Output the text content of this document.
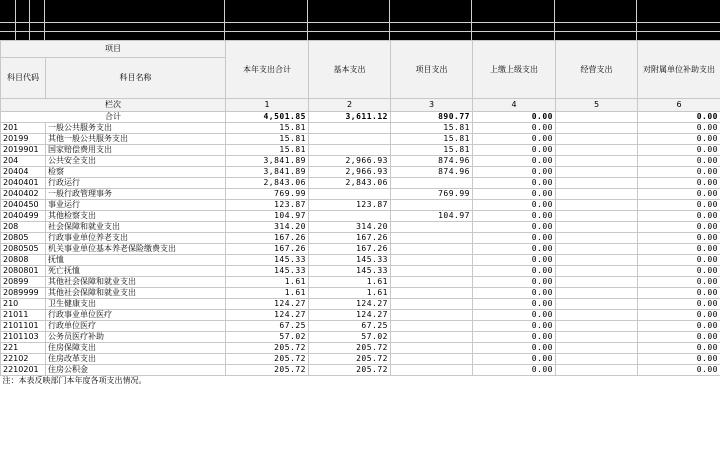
项目		本年支出合计	基本支出	项目支出	上缴上级支出	经营支出	对附属单位补助支出
科目代码	科目名称						
栏次		1	2	3	4	5	6
合计		4,501.85	3,611.12	890.77	0.00		0.00
201	一般公共服务支出	15.81		15.81	0.00		0.00
20199	其他一般公共服务支出	15.81		15.81	0.00		0.00
2019901	国家赔偿费用支出	15.81		15.81	0.00		0.00
204	公共安全支出	3,841.89	2,966.93	874.96	0.00		0.00
20404	检察	3,841.89	2,966.93	874.96	0.00		0.00
2040401	行政运行	2,843.06	2,843.06		0.00		0.00
2040402	一般行政管理事务	769.99		769.99	0.00		0.00
2040450	事业运行	123.87	123.87		0.00		0.00
2040499	其他检察支出	104.97		104.97	0.00		0.00
208	社会保障和就业支出	314.20	314.20		0.00		0.00
20805	行政事业单位养老支出	167.26	167.26		0.00		0.00
2080505	机关事业单位基本养老保险缴费支出	167.26	167.26		0.00		0.00
20808	抚恤	145.33	145.33		0.00		0.00
2080801	死亡抚恤	145.33	145.33		0.00		0.00
20899	其他社会保障和就业支出	1.61	1.61		0.00		0.00
2089999	其他社会保障和就业支出	1.61	1.61		0.00		0.00
210	卫生健康支出	124.27	124.27		0.00		0.00
21011	行政事业单位医疗	124.27	124.27		0.00		0.00
2101101	行政单位医疗	67.25	67.25		0.00		0.00
2101103	公务员医疗补助	57.02	57.02		0.00		0.00
221	住房保障支出	205.72	205.72		0.00		0.00
22102	住房改革支出	205.72	205.72		0.00		0.00
2210201	住房公积金	205.72	205.72		0.00		0.00
注：本表反映部门本年度各项支出情况。							
